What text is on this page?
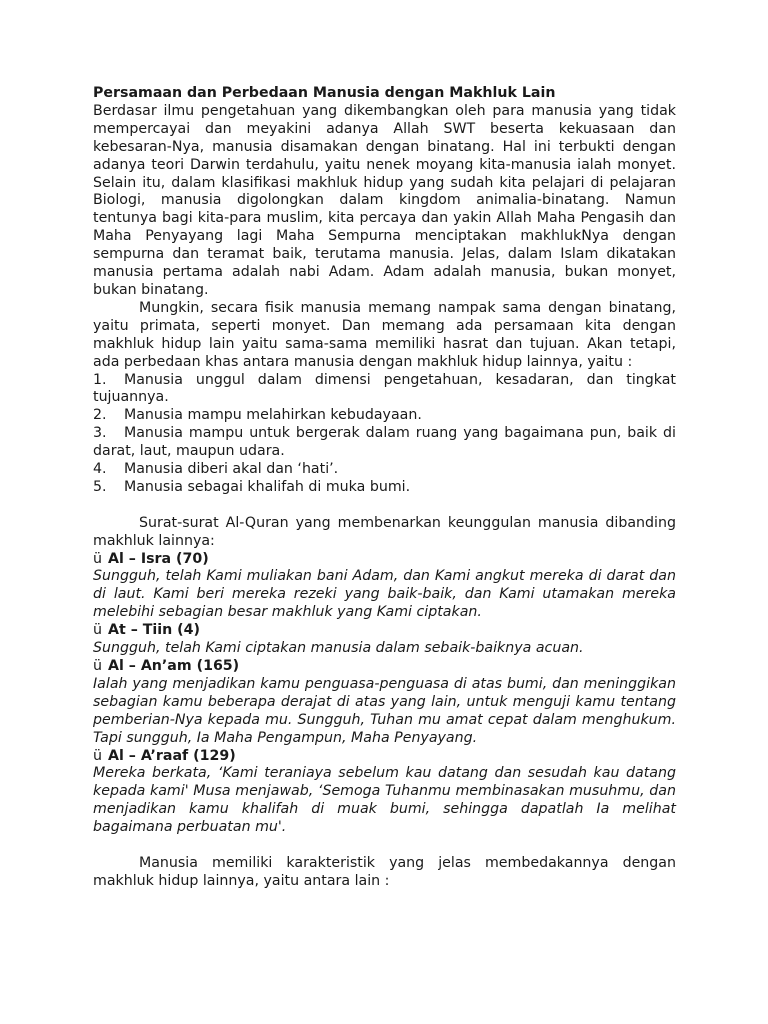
Persamaan dan Perbedaan Manusia dengan Makhluk Lain
Berdasar ilmu pengetahuan yang dikembangkan oleh para manusia yang tidak mempercayai dan meyakini adanya Allah SWT beserta kekuasaan dan kebesaran-Nya, manusia disamakan dengan binatang. Hal ini terbukti dengan adanya teori Darwin terdahulu, yaitu nenek moyang kita-manusia ialah monyet. Selain itu, dalam klasifikasi makhluk hidup yang sudah kita pelajari di pelajaran Biologi, manusia digolongkan dalam kingdom animalia-binatang. Namun tentunya bagi kita-para muslim, kita percaya dan yakin Allah Maha Pengasih dan Maha Penyayang lagi Maha Sempurna menciptakan makhlukNya dengan sempurna dan teramat baik, terutama manusia. Jelas, dalam Islam dikatakan manusia pertama adalah nabi Adam. Adam adalah manusia, bukan monyet, bukan binatang.
Mungkin, secara fisik manusia memang nampak sama dengan binatang, yaitu primata, seperti monyet. Dan memang ada persamaan kita dengan makhluk hidup lain yaitu sama-sama memiliki hasrat dan tujuan. Akan tetapi, ada perbedaan khas antara manusia dengan makhluk hidup lainnya, yaitu :
1. Manusia unggul dalam dimensi pengetahuan, kesadaran, dan tingkat tujuannya.
2. Manusia mampu melahirkan kebudayaan.
3. Manusia mampu untuk bergerak dalam ruang yang bagaimana pun, baik di darat, laut, maupun udara.
4. Manusia diberi akal dan ‘hati’.
5. Manusia sebagai khalifah di muka bumi.
Surat-surat Al-Quran yang membenarkan keunggulan manusia dibanding makhluk lainnya:
ü Al – Isra (70)
Sungguh, telah Kami muliakan bani Adam, dan Kami angkut mereka di darat dan di laut. Kami beri mereka rezeki yang baik-baik, dan Kami utamakan mereka melebihi sebagian besar makhluk yang Kami ciptakan.
ü At – Tiin (4)
Sungguh, telah Kami ciptakan manusia dalam sebaik-baiknya acuan.
ü Al – An’am (165)
Ialah yang menjadikan kamu penguasa-penguasa di atas bumi, dan meninggikan sebagian kamu beberapa derajat di atas yang lain, untuk menguji kamu tentang pemberian-Nya kepada mu. Sungguh, Tuhan mu amat cepat dalam menghukum. Tapi sungguh, Ia Maha Pengampun, Maha Penyayang.
ü Al – A’raaf (129)
Mereka berkata, ‘Kami teraniaya sebelum kau datang dan sesudah kau datang kepada kami' Musa menjawab, ‘Semoga Tuhanmu membinasakan musuhmu, dan menjadikan kamu khalifah di muak bumi, sehingga dapatlah Ia melihat bagaimana perbuatan mu'.
Manusia memiliki karakteristik yang jelas membedakannya dengan makhluk hidup lainnya, yaitu antara lain :
